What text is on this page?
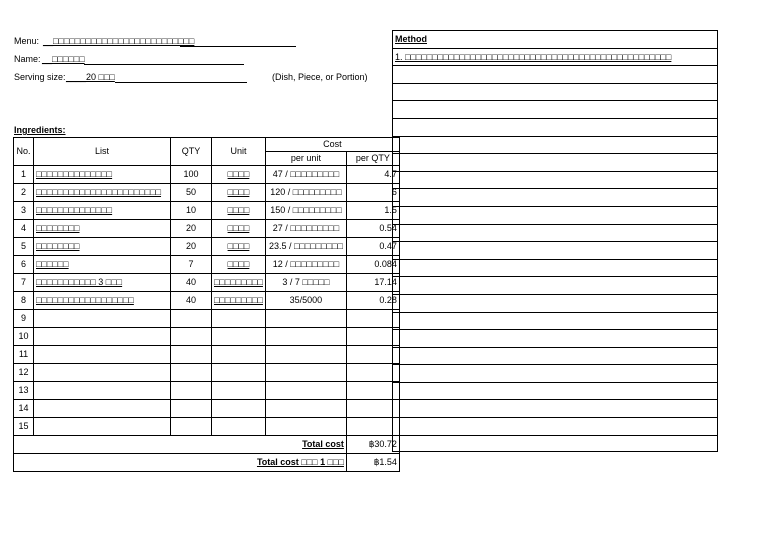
Menu: __□□□□□□□□□□□□□□□□□□□□□□□□□□
Name: __□□□□□□
Serving size: ____20 □□□	(Dish, Piece, or Portion)
Ingredients:
No.	List	QTY	Unit	Cost	
				per unit	per QTY
1	□□□□□□□□□□□□□□	100	□□□□	47 / □□□□□□□□□	4.7
2	□□□□□□□□□□□□□□□□□□□□□□□	50	□□□□	120 / □□□□□□□□□	6
3	□□□□□□□□□□□□□□	10	□□□□	150 / □□□□□□□□□	1.5
4	□□□□□□□□	20	□□□□	27 / □□□□□□□□□	0.54
5	□□□□□□□□	20	□□□□	23.5 / □□□□□□□□□	0.47
6	□□□□□□	7	□□□□	12 / □□□□□□□□□	0.084
7	□□□□□□□□□□□ 3 □□□	40	□□□□□□□□□	3 / 7 □□□□□	17.14
8	□□□□□□□□□□□□□□□□□□	40	□□□□□□□□□	35/5000	0.28
9					
10					
11					
12					
13					
14					
15					
Total cost					฿30.72
Total cost □□□ 1 □□□					฿1.54
Method
1. □□□□□□□□□□□□□□□□□□□□□□□□□□□□□□□□□□□□□□□□□□□□□□□□□
